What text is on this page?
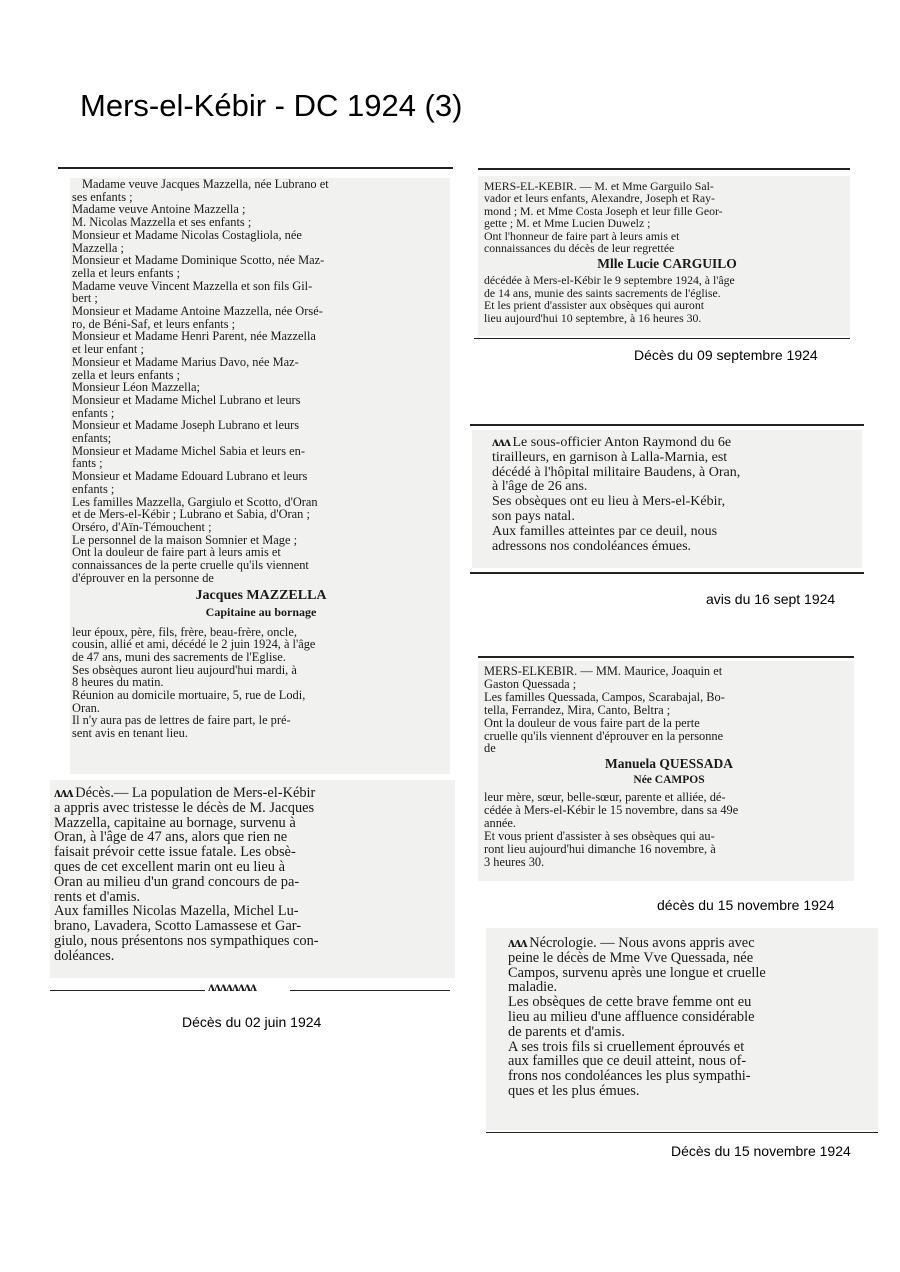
Mers-el-Kébir - DC 1924 (3)
Madame veuve Jacques Mazzella, née Lubrano et
ses enfants ;
Madame veuve Antoine Mazzella ;
M. Nicolas Mazzella et ses enfants ;
Monsieur et Madame Nicolas Costagliola, née
Mazzella ;
Monsieur et Madame Dominique Scotto, née Maz-
zella et leurs enfants ;
Madame veuve Vincent Mazzella et son fils Gil-
bert ;
Monsieur et Madame Antoine Mazzella, née Orsé-
ro, de Béni-Saf, et leurs enfants ;
Monsieur et Madame Henri Parent, née Mazzella
et leur enfant ;
Monsieur et Madame Marius Davo, née Maz-
zella et leurs enfants ;
Monsieur Léon Mazzella;
Monsieur et Madame Michel Lubrano et leurs
enfants ;
Monsieur et Madame Joseph Lubrano et leurs
enfants;
Monsieur et Madame Michel Sabia et leurs en-
fants ;
Monsieur et Madame Edouard Lubrano et leurs
enfants ;
Les familles Mazzella, Gargiulo et Scotto, d'Oran
et de Mers-el-Kébir ; Lubrano et Sabia, d'Oran ;
Orséro, d'Aïn-Témouchent ;
Le personnel de la maison Somnier et Mage ;
Ont la douleur de faire part à leurs amis et
connaissances de la perte cruelle qu'ils viennent
d'éprouver en la personne de
Jacques MAZZELLA
Capitaine au bornage
leur époux, père, fils, frère, beau-frère, oncle,
cousin, allié et ami, décédé le 2 juin 1924, à l'âge
de 47 ans, muni des sacrements de l'Eglise.
Ses obsèques auront lieu aujourd'hui mardi, à
8 heures du matin.
Réunion au domicile mortuaire, 5, rue de Lodi,
Oran.
Il n'y aura pas de lettres de faire part, le pré-
sent avis en tenant lieu.
ʌʌʌ Décès.— La population de Mers-el-Kébir
a appris avec tristesse le décès de M. Jacques
Mazzella, capitaine au bornage, survenu à
Oran, à l'âge de 47 ans, alors que rien ne
faisait prévoir cette issue fatale. Les obsè-
ques de cet excellent marin ont eu lieu à
Oran au milieu d'un grand concours de pa-
rents et d'amis.
Aux familles Nicolas Mazella, Michel Lu-
brano, Lavadera, Scotto Lamassese et Gar-
giulo, nous présentons nos sympathiques con-
doléances.
ʌʌʌʌʌʌʌʌ
Décès du 02 juin 1924
MERS-EL-KEBIR. — M. et Mme Garguilo Sal-
vador et leurs enfants, Alexandre, Joseph et Ray-
mond ; M. et Mme Costa Joseph et leur fille Geor-
gette ; M. et Mme Lucien Duwelz ;
Ont l'honneur de faire part à leurs amis et
connaissances du décès de leur regrettée
Mlle Lucie CARGUILO
décédée à Mers-el-Kébir le 9 septembre 1924, à l'âge
de 14 ans, munie des saints sacrements de l'église.
Et les prient d'assister aux obsèques qui auront
lieu aujourd'hui 10 septembre, à 16 heures 30.
Décès du 09 septembre 1924
ʌʌʌ Le sous-officier Anton Raymond du 6e
tirailleurs, en garnison à Lalla-Marnia, est
décédé à l'hôpital militaire Baudens, à Oran,
à l'âge de 26 ans.
Ses obsèques ont eu lieu à Mers-el-Kébir,
son pays natal.
Aux familles atteintes par ce deuil, nous
adressons nos condoléances émues.
avis du 16 sept 1924
MERS-ELKEBIR. — MM. Maurice, Joaquin et
Gaston Quessada ;
Les familles Quessada, Campos, Scarabajal, Bo-
tella, Ferrandez, Mira, Canto, Beltra ;
Ont la douleur de vous faire part de la perte
cruelle qu'ils viennent d'éprouver en la personne
de
Manuela QUESSADA
Née CAMPOS
leur mère, sœur, belle-sœur, parente et alliée, dé-
cédée à Mers-el-Kébir le 15 novembre, dans sa 49e
année.
Et vous prient d'assister à ses obsèques qui au-
ront lieu aujourd'hui dimanche 16 novembre, à
3 heures 30.
décès du 15 novembre 1924
ʌʌʌ Nécrologie. — Nous avons appris avec
peine le décès de Mme Vve Quessada, née
Campos, survenu après une longue et cruelle
maladie.
Les obsèques de cette brave femme ont eu
lieu au milieu d'une affluence considérable
de parents et d'amis.
A ses trois fils si cruellement éprouvés et
aux familles que ce deuil atteint, nous of-
frons nos condoléances les plus sympathi-
ques et les plus émues.
Décès du 15 novembre 1924
